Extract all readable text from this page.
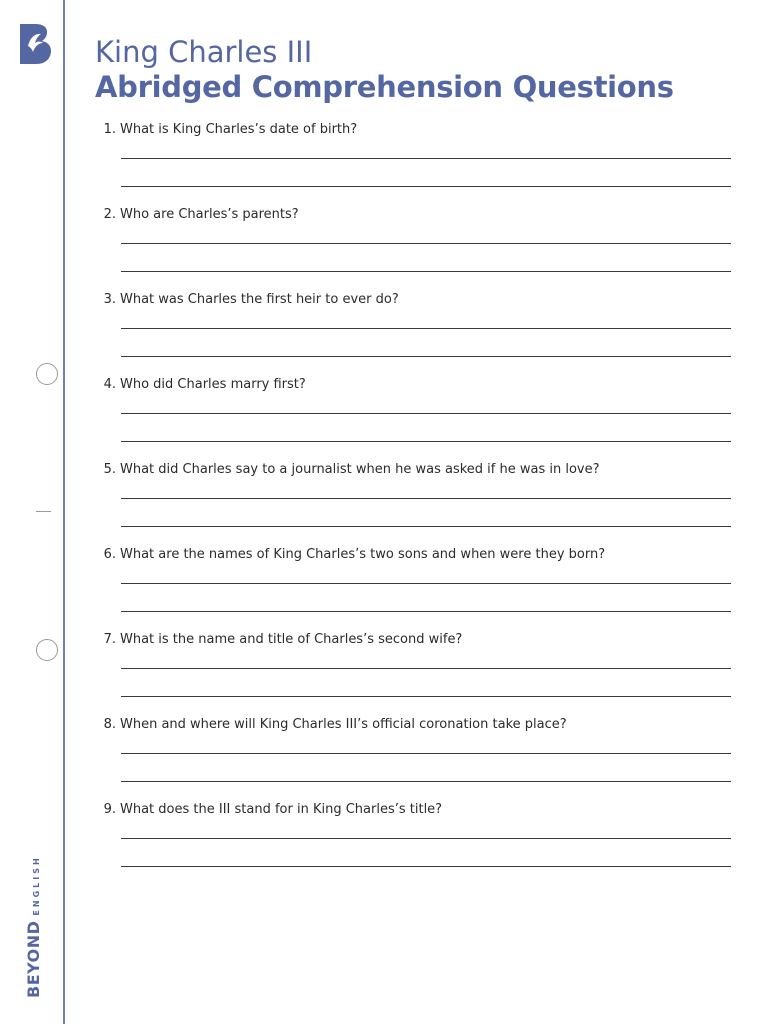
BEYOND
ENGLISH
King Charles III
Abridged Comprehension Questions
1. What is King Charles’s date of birth?
2. Who are Charles’s parents?
3. What was Charles the first heir to ever do?
4. Who did Charles marry first?
5. What did Charles say to a journalist when he was asked if he was in love?
6. What are the names of King Charles’s two sons and when were they born?
7. What is the name and title of Charles’s second wife?
8. When and where will King Charles III’s official coronation take place?
9. What does the III stand for in King Charles’s title?
